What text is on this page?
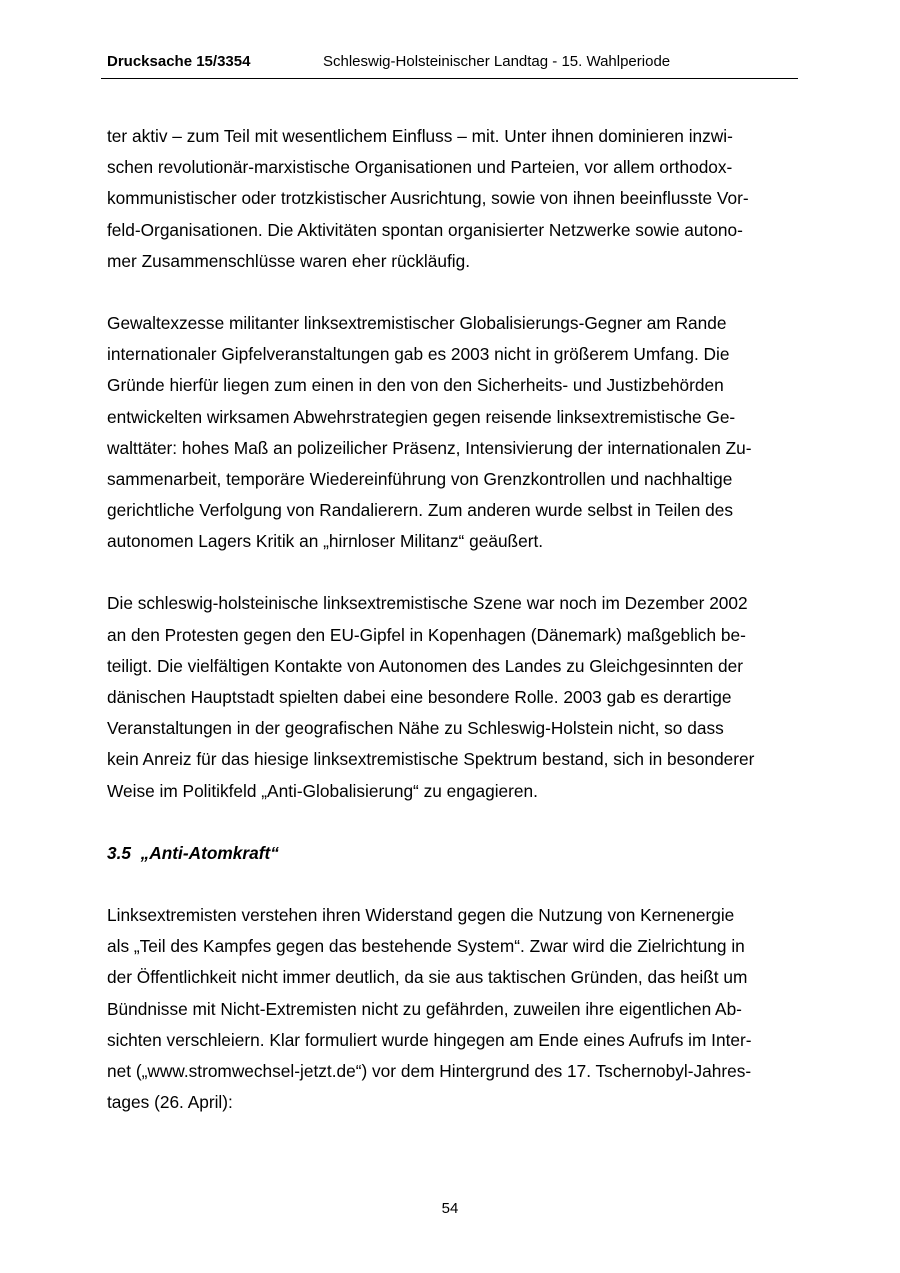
Drucksache 15/3354	Schleswig-Holsteinischer Landtag - 15. Wahlperiode
ter aktiv – zum Teil mit wesentlichem Einfluss – mit. Unter ihnen dominieren inzwi-
schen revolutionär-marxistische Organisationen und Parteien, vor allem orthodox-
kommunistischer oder trotzkistischer Ausrichtung, sowie von ihnen beeinflusste Vor-
feld-Organisationen. Die Aktivitäten spontan organisierter Netzwerke sowie autono-
mer Zusammenschlüsse waren eher rückläufig.
Gewaltexzesse militanter linksextremistischer Globalisierungs-Gegner am Rande
internationaler Gipfelveranstaltungen gab es 2003 nicht in größerem Umfang. Die
Gründe hierfür liegen zum einen in den von den Sicherheits- und Justizbehörden
entwickelten wirksamen Abwehrstrategien gegen reisende linksextremistische Ge-
walttäter: hohes Maß an polizeilicher Präsenz, Intensivierung der internationalen Zu-
sammenarbeit, temporäre Wiedereinführung von Grenzkontrollen und nachhaltige
gerichtliche Verfolgung von Randalierern. Zum anderen wurde selbst in Teilen des
autonomen Lagers Kritik an „hirnloser Militanz“ geäußert.
Die schleswig-holsteinische linksextremistische Szene war noch im Dezember 2002
an den Protesten gegen den EU-Gipfel in Kopenhagen (Dänemark) maßgeblich be-
teiligt. Die vielfältigen Kontakte von Autonomen des Landes zu Gleichgesinnten der
dänischen Hauptstadt spielten dabei eine besondere Rolle. 2003 gab es derartige
Veranstaltungen in der geografischen Nähe zu Schleswig-Holstein nicht, so dass
kein Anreiz für das hiesige linksextremistische Spektrum bestand, sich in besonderer
Weise im Politikfeld „Anti-Globalisierung“ zu engagieren.
3.5  „Anti-Atomkraft“
Linksextremisten verstehen ihren Widerstand gegen die Nutzung von Kernenergie
als „Teil des Kampfes gegen das bestehende System“. Zwar wird die Zielrichtung in
der Öffentlichkeit nicht immer deutlich, da sie aus taktischen Gründen, das heißt um
Bündnisse mit Nicht-Extremisten nicht zu gefährden, zuweilen ihre eigentlichen Ab-
sichten verschleiern. Klar formuliert wurde hingegen am Ende eines Aufrufs im Inter-
net („www.stromwechsel-jetzt.de“) vor dem Hintergrund des 17. Tschernobyl-Jahres-
tages (26. April):
54
